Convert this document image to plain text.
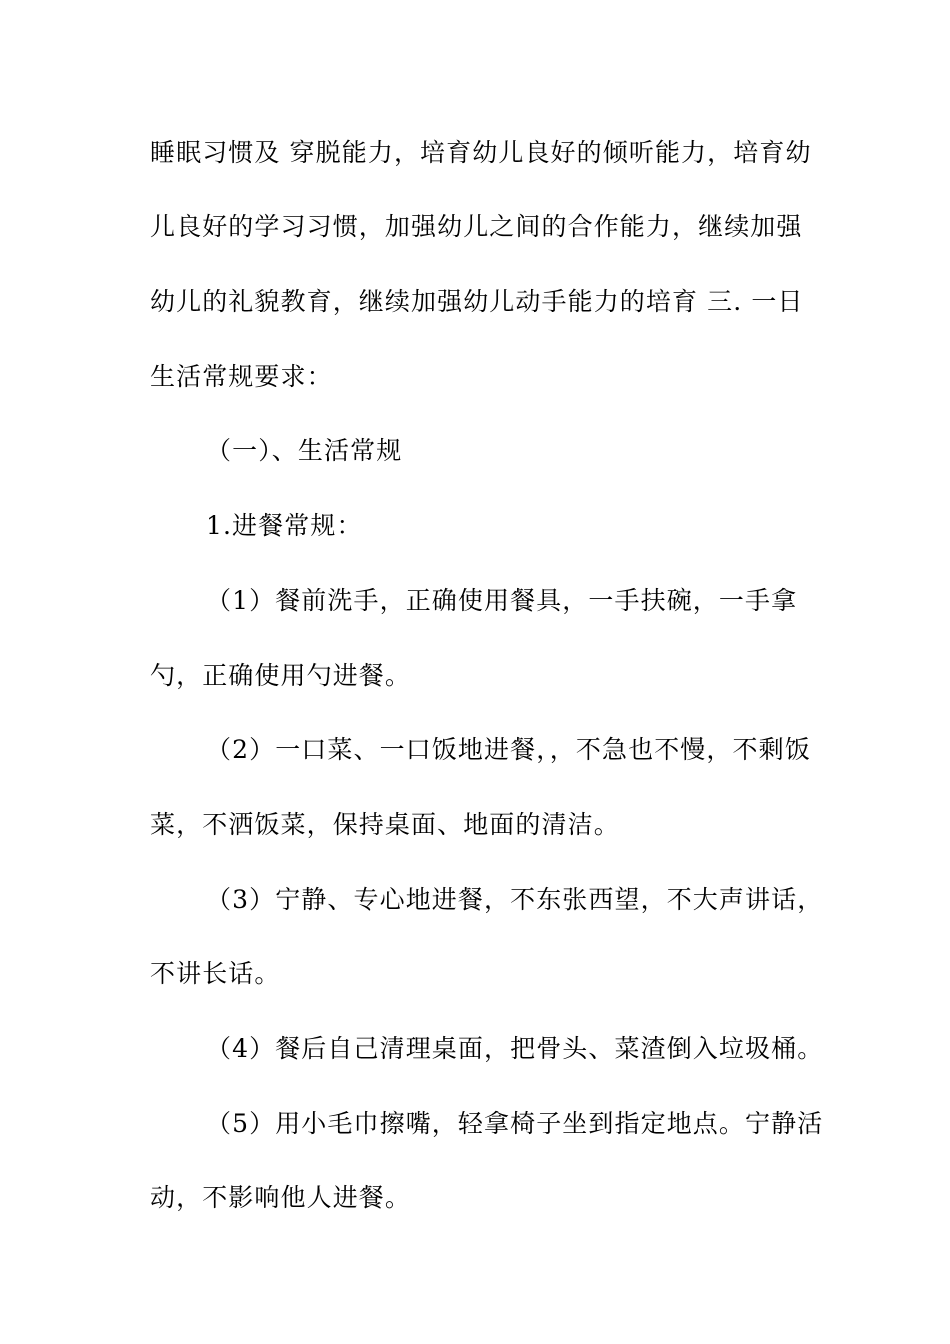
睡眠习惯及 穿脱能力，培育幼儿良好的倾听能力，培育幼
儿良好的学习习惯，加强幼儿之间的合作能力，继续加强
幼儿的礼貌教育，继续加强幼儿动手能力的培育 三. 一日
生活常规要求：
（一）、生活常规
1.进餐常规：
（1）餐前洗手，正确使用餐具，一手扶碗，一手拿
勺，正确使用勺进餐。
（2）一口菜、一口饭地进餐，，不急也不慢，不剩饭
菜，不洒饭菜，保持桌面、地面的清洁。
（3）宁静、专心地进餐，不东张西望，不大声讲话，
不讲长话。
（4）餐后自己清理桌面，把骨头、菜渣倒入垃圾桶。
（5）用小毛巾擦嘴，轻拿椅子坐到指定地点。宁静活
动，不影响他人进餐。
